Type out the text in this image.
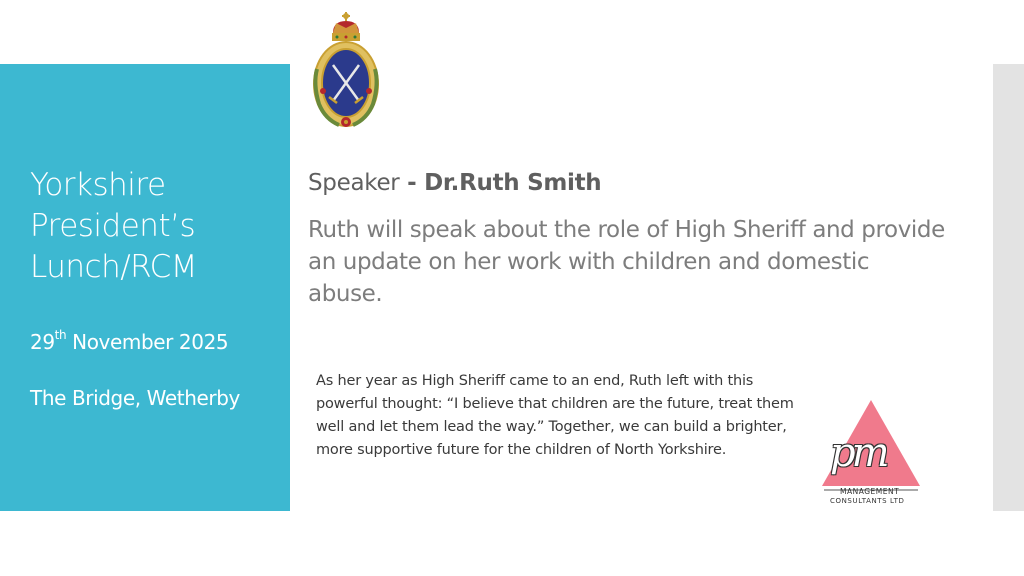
Yorkshire
President’s
Lunch/RCM
29th November 2025
The Bridge, Wetherby
Speaker - Dr.Ruth Smith
Ruth will speak about the role of High Sheriff and provide an update on her work with children and domestic abuse.
As her year as High Sheriff came to an end, Ruth left with this powerful thought: “I believe that children are the future, treat them well and let them lead the way.” Together, we can build a brighter, more supportive future for the children of North Yorkshire.	pm
MANAGEMENT
CONSULTANTS LTD
